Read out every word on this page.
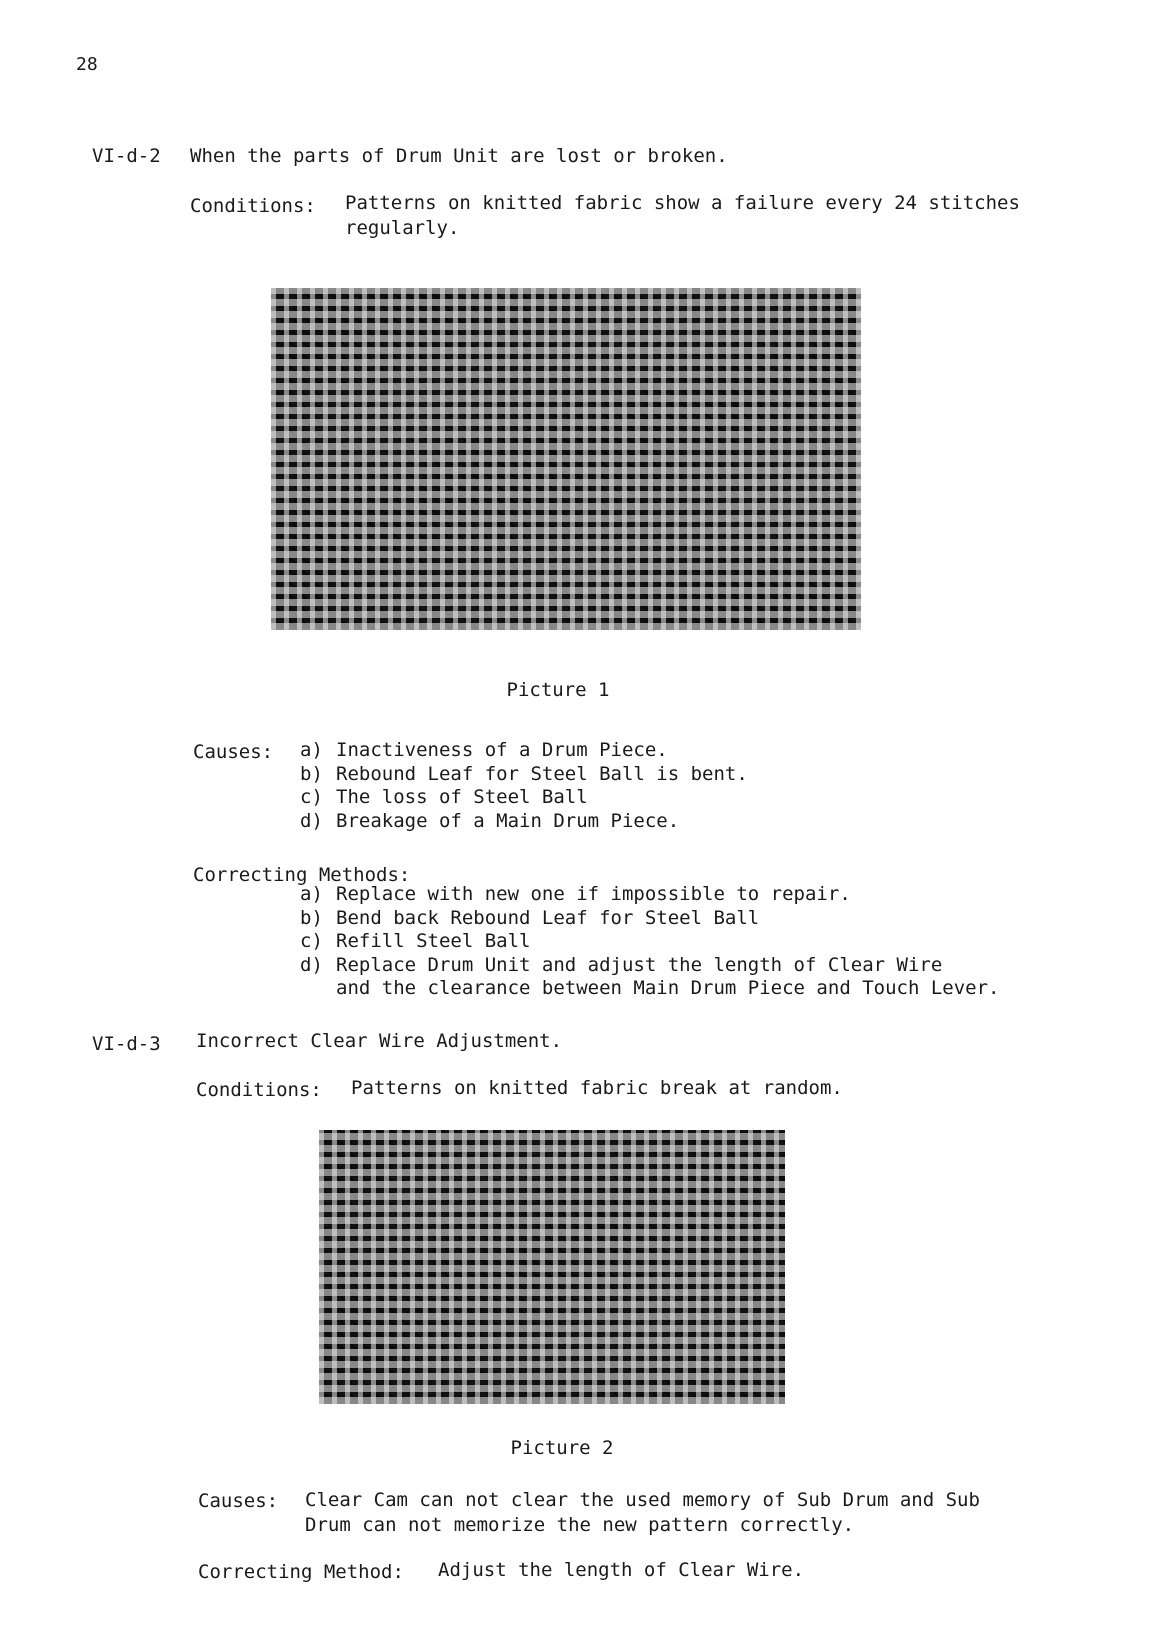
28
VI-d-2 When the parts of Drum Unit are lost or broken.
Conditions: Patterns on knitted fabric show a failure every 24 stitches
regularly.
Picture 1
Causes: a) Inactiveness of a Drum Piece.
b) Rebound Leaf for Steel Ball is bent.
c) The loss of Steel Ball
d) Breakage of a Main Drum Piece.
Correcting Methods:
a) Replace with new one if impossible to repair.
b) Bend back Rebound Leaf for Steel Ball
c) Refill Steel Ball
d) Replace Drum Unit and adjust the length of Clear Wire
and the clearance between Main Drum Piece and Touch Lever.
VI-d-3 Incorrect Clear Wire Adjustment.
Conditions: Patterns on knitted fabric break at random.
Picture 2
Causes: Clear Cam can not clear the used memory of Sub Drum and Sub
Drum can not memorize the new pattern correctly.
Correcting Method: Adjust the length of Clear Wire.
